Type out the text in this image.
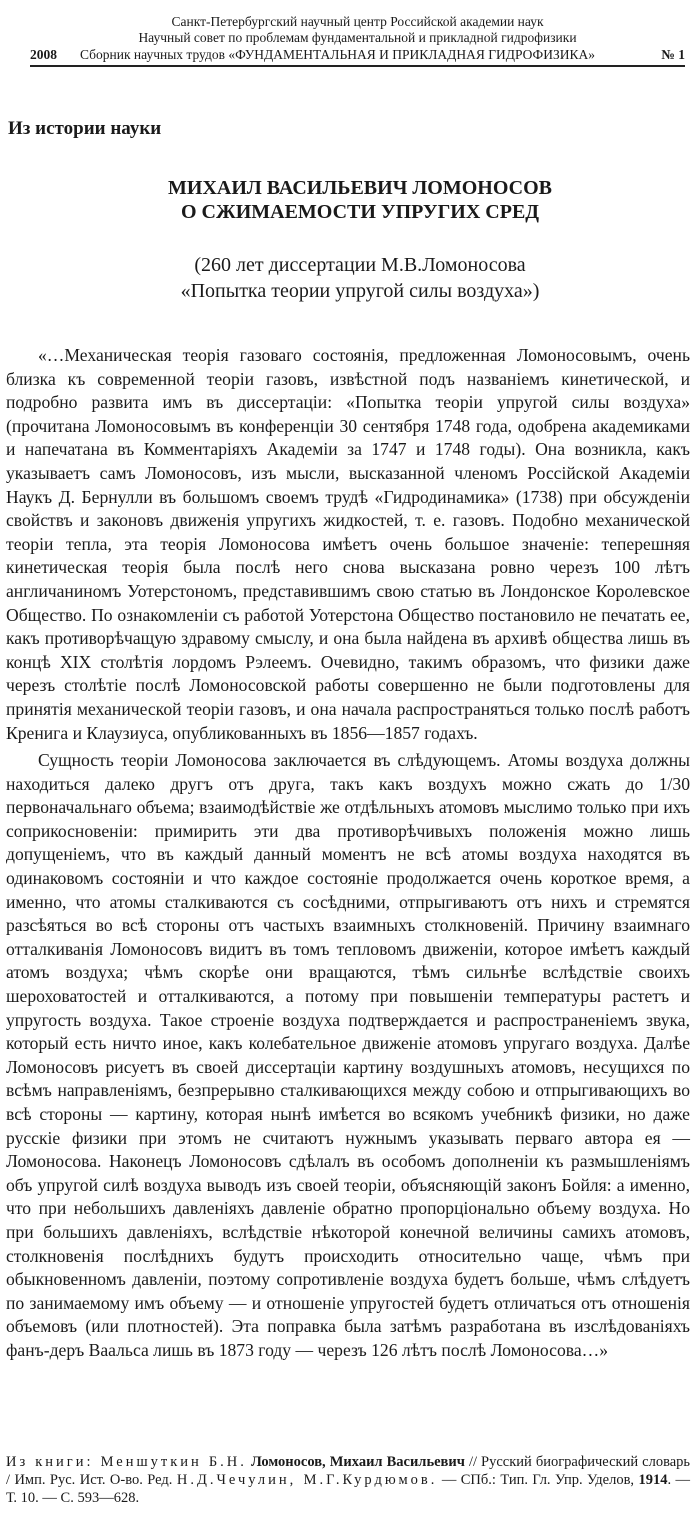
Санкт-Петербургский научный центр Российской академии наук
Научный совет по проблемам фундаментальной и прикладной гидрофизики
2008 Сборник научных трудов «ФУНДАМЕНТАЛЬНАЯ И ПРИКЛАДНАЯ ГИДРОФИЗИКА»	№ 1
Из истории науки
МИХАИЛ ВАСИЛЬЕВИЧ ЛОМОНОСОВ
О СЖИМАЕМОСТИ УПРУГИХ СРЕД
(260 лет диссертации М.В.Ломоносова
«Попытка теории упругой силы воздуха»)

«…Механическая теорія газоваго состоянія, предложенная Ломоносовымъ, очень близка къ современной теоріи газовъ, извѣстной подъ названіемъ кинетической, и подробно развита имъ въ диссертаціи: «Попытка теоріи упругой силы воздуха» (прочитана Ломоносовымъ въ конференціи 30 сентября 1748 года, одобрена академиками и напечатана въ Комментаріяхъ Академіи за 1747 и 1748 годы). Она возникла, какъ указываетъ самъ Ломоносовъ, изъ мысли, высказанной членомъ Россійской Академіи Наукъ Д. Бернулли въ большомъ своемъ трудѣ «Гидродинамика» (1738) при обсужденіи свойствъ и законовъ движенія упругихъ жидкостей, т. е. газовъ. Подобно механической теоріи тепла, эта теорія Ломоносова имѣетъ очень большое значеніе: теперешняя кинетическая теорія была послѣ него снова высказана ровно черезъ 100 лѣтъ англичаниномъ Уотерстономъ, представившимъ свою статью въ Лондонское Королевское Общество. По ознакомленіи съ работой Уотерстона Общество постановило не печатать ее, какъ противорѣчащую здравому смыслу, и она была найдена въ архивѣ общества лишь въ концѣ XIX столѣтія лордомъ Рэлеемъ. Очевидно, такимъ образомъ, что физики даже черезъ столѣтіе послѣ Ломоносовской работы совершенно не были подготовлены для принятія механической теоріи газовъ, и она начала распространяться только послѣ работъ Кренига и Клаузиуса, опубликованныхъ въ 1856—1857 годахъ.

Сущность теоріи Ломоносова заключается въ слѣдующемъ. Атомы воздуха должны находиться далеко другъ отъ друга, такъ какъ воздухъ можно сжать до 1/30 первоначальнаго объема; взаимодѣйствіе же отдѣльныхъ атомовъ мыслимо только при ихъ соприкосновеніи: примирить эти два противорѣчивыхъ положенія можно лишь допущеніемъ, что въ каждый данный моментъ не всѣ атомы воздуха находятся въ одинаковомъ состояніи и что каждое состояніе продолжается очень короткое время, а именно, что атомы сталкиваются съ сосѣдними, отпрыгиваютъ отъ нихъ и стремятся разсѣяться во всѣ стороны отъ частыхъ взаимныхъ столкновеній. Причину взаимнаго отталкиванія Ломоносовъ видитъ въ томъ тепловомъ движеніи, которое имѣетъ каждый атомъ воздуха; чѣмъ скорѣе они вращаются, тѣмъ сильнѣе вслѣдствіе своихъ шероховатостей и отталкиваются, а потому при повышеніи температуры растетъ и упругость воздуха. Такое строеніе воздуха подтверждается и распространеніемъ звука, который есть ничто иное, какъ колебательное движеніе атомовъ упругаго воздуха. Далѣе Ломоносовъ рисуетъ въ своей диссертаціи картину воздушныхъ атомовъ, несущихся по всѣмъ направленіямъ, безпрерывно сталкивающихся между собою и отпрыгивающихъ во всѣ стороны — картину, которая нынѣ имѣется во всякомъ учебникѣ физики, но даже русскіе физики при этомъ не считаютъ нужнымъ указывать перваго автора ея — Ломоносова. Наконецъ Ломоносовъ сдѣлалъ въ особомъ дополненіи къ размышленіямъ объ упругой силѣ воздуха выводъ изъ своей теоріи, объясняющій законъ Бойля: а именно, что при небольшихъ давленіяхъ давленіе обратно пропорціонально объему воздуха. Но при большихъ давленіяхъ, вслѣдствіе нѣкоторой конечной величины самихъ атомовъ, столкновенія послѣднихъ будутъ происходить относительно чаще, чѣмъ при обыкновенномъ давленіи, поэтому сопротивленіе воздуха будетъ больше, чѣмъ слѣдуетъ по занимаемому имъ объему — и отношеніе упругостей будетъ отличаться отъ отношенія объемовъ (или плотностей). Эта поправка была затѣмъ разработана въ изслѣдованіяхъ фанъ-деръ Ваальса лишь въ 1873 году — черезъ 126 лѣтъ послѣ Ломоносова…»

Из книги: Меншуткин Б.Н. Ломоносов, Михаил Васильевич // Русский биографический словарь / Имп. Рус. Ист. О-во. Ред. Н.Д.Чечулин, М.Г.Курдюмов. — СПб.: Тип. Гл. Упр. Уделов, 1914. — Т. 10. — С. 593—628.
